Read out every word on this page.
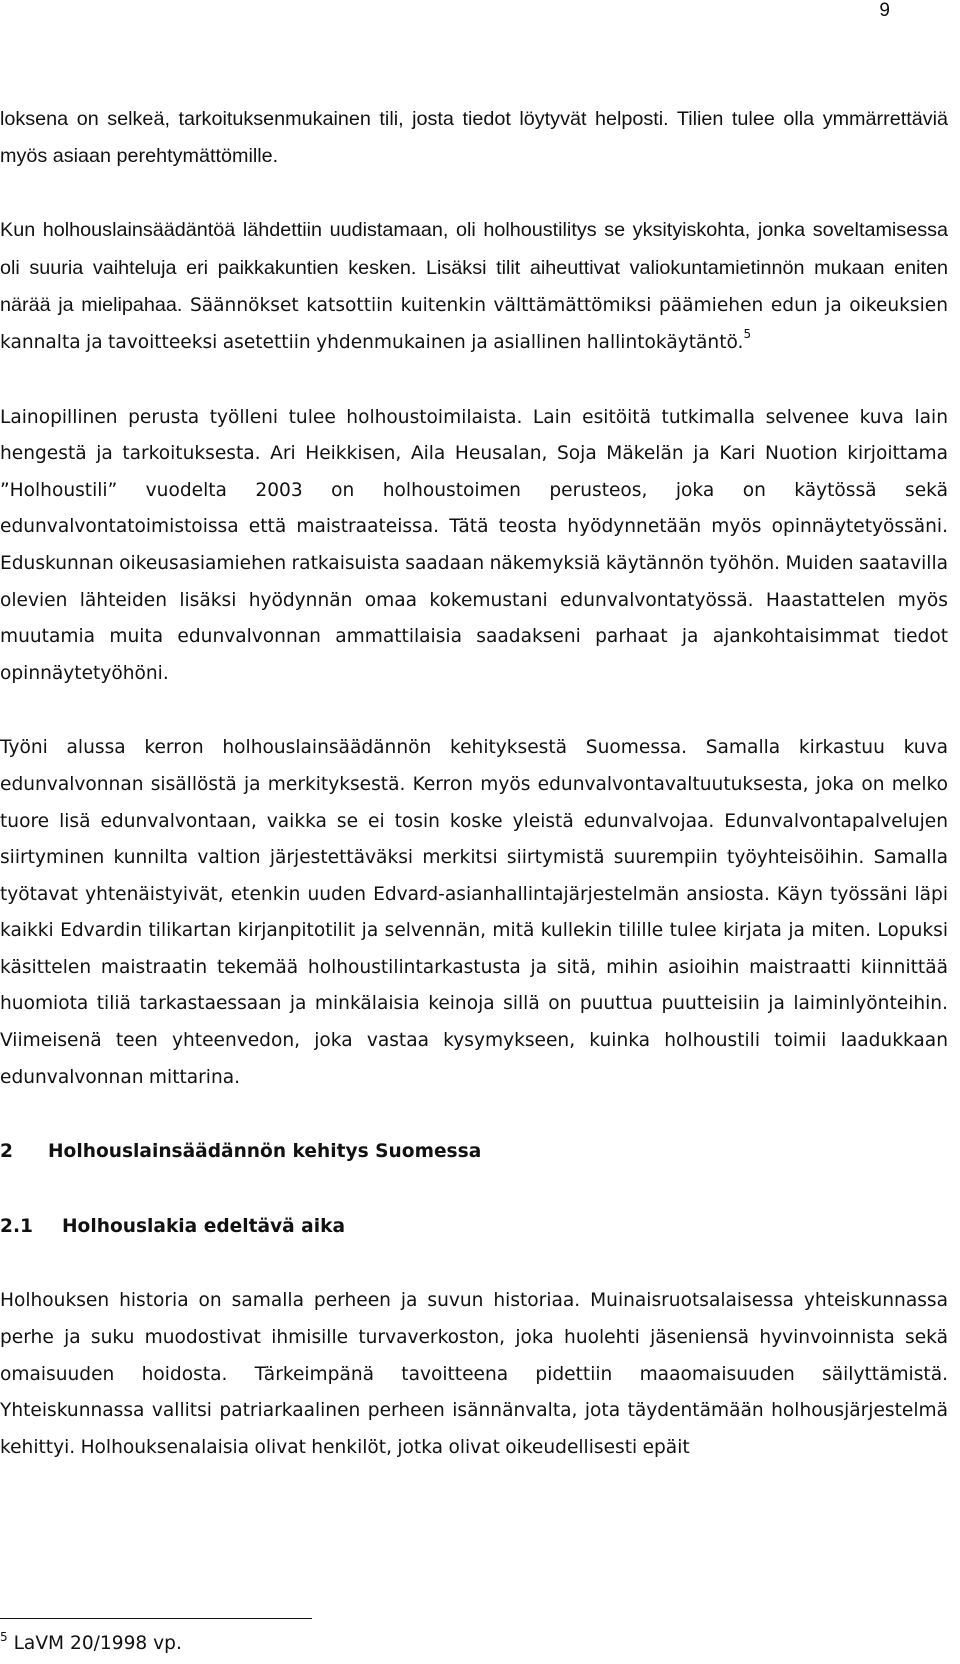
9

loksena on selkeä, tarkoituksenmukainen tili, josta tiedot löytyvät helposti. Tilien tulee olla ymmärrettäviä myös asiaan perehtymättömille.

Kun holhouslainsäädäntöä lähdettiin uudistamaan, oli holhoustilitys se yksityiskohta, jonka soveltamisessa oli suuria vaihteluja eri paikkakuntien kesken. Lisäksi tilit aiheuttivat valiokuntamietinnön mukaan eniten närää ja mielipahaa. Säännökset katsottiin kuitenkin välttämättömiksi päämiehen edun ja oikeuksien kannalta ja tavoitteeksi asetettiin yhdenmukainen ja asiallinen hallintokäytäntö.$^5$

Lainopillinen perusta työlleni tulee holhoustoimilaista. Lain esitöitä tutkimalla selvenee kuva lain hengestä ja tarkoituksesta. Ari Heikkisen, Aila Heusalan, Soja Mäkelän ja Kari Nuotion kirjoittama ”Holhoustili” vuodelta 2003 on holhoustoimen perusteos, joka on käytössä sekä edunvalvontatoimistoissa että maistraateissa. Tätä teosta hyödynnetään myös opinnäytetyössäni. Eduskunnan oikeusasiamiehen ratkaisuista saadaan näkemyksiä käytännön työhön. Muiden saatavilla olevien lähteiden lisäksi hyödynnän omaa kokemustani edunvalvontatyössä. Haastattelen myös muutamia muita edunvalvonnan ammattilaisia saadakseni parhaat ja ajankohtaisimmat tiedot opinnäytetyöhöni.

Työni alussa kerron holhouslainsäädännön kehityksestä Suomessa. Samalla kirkastuu kuva edunvalvonnan sisällöstä ja merkityksestä. Kerron myös edunvalvontavaltuutuksesta, joka on melko tuore lisä edunvalvontaan, vaikka se ei tosin koske yleistä edunvalvojaa. Edunvalvontapalvelujen siirtyminen kunnilta valtion järjestettäväksi merkitsi siirtymistä suurempiin työyhteisöihin. Samalla työtavat yhtenäistyivät, etenkin uuden Edvard-asianhallintajärjestelmän ansiosta. Käyn työssäni läpi kaikki Edvardin tilikartan kirjanpitotilit ja selvennän, mitä kullekin tilille tulee kirjata ja miten. Lopuksi käsittelen maistraatin tekemää holhoustilintarkastusta ja sitä, mihin asioihin maistraatti kiinnittää huomiota tiliä tarkastaessaan ja minkälaisia keinoja sillä on puuttua puutteisiin ja laiminlyönteihin. Viimeisenä teen yhteenvedon, joka vastaa kysymykseen, kuinka holhoustili toimii laadukkaan edunvalvonnan mittarina.

2	Holhouslainsäädännön kehitys Suomessa
2.1	Holhouslakia edeltävä aika

Holhouksen historia on samalla perheen ja suvun historiaa. Muinaisruotsalaisessa yhteiskunnassa perhe ja suku muodostivat ihmisille turvaverkoston, joka huolehti jäseniensä hyvinvoinnista sekä omaisuuden hoidosta. Tärkeimpänä tavoitteena pidettiin maaomaisuuden säilyttämistä. Yhteiskunnassa vallitsi patriarkaalinen perheen isännänvalta, jota täydentämään holhousjärjestelmä kehittyi. Holhouksenalaisia olivat henkilöt, jotka olivat oikeudellisesti epäit

$^5$ LaVM 20/1998 vp.
